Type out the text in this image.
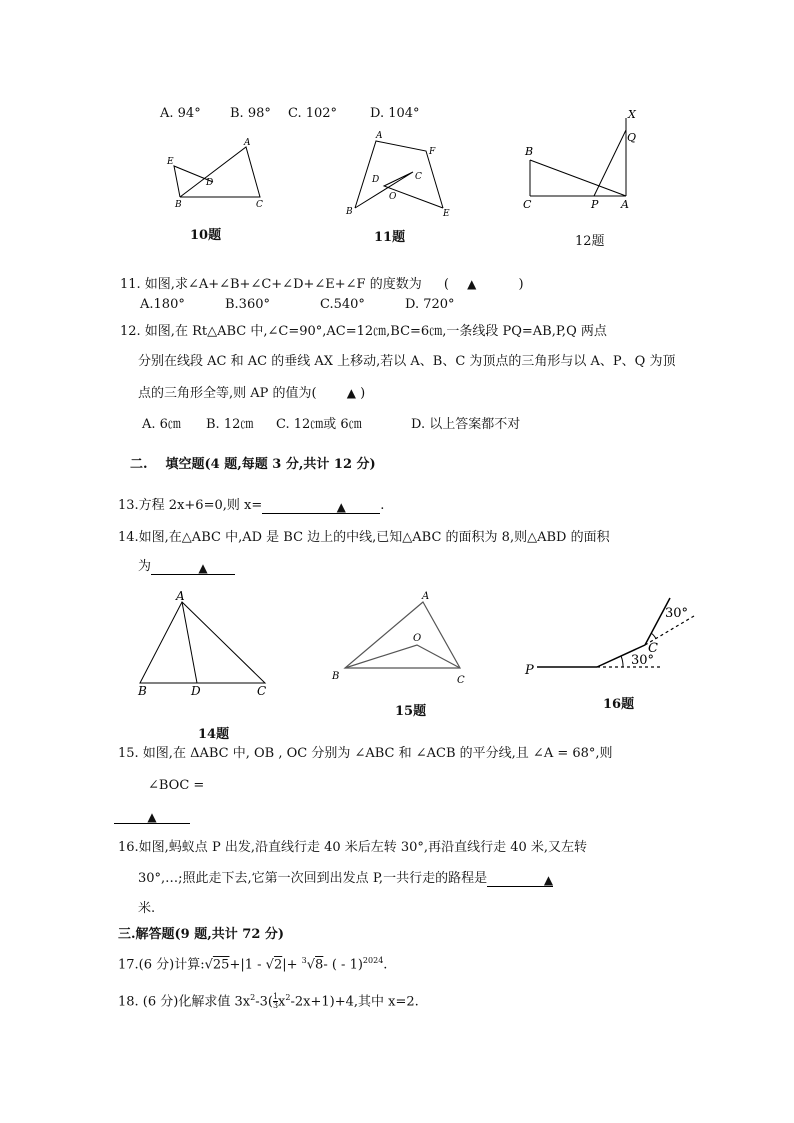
A. 94° B. 98° C. 102°	D. 104°
A
E
D
B	C
10题
A
F
D	C
O
B	E
11题
X
Q
B
C	P A
12题
11. 如图,求∠A+∠B+∠C+∠D+∠E+∠F 的度数为 ( ▲	)
A.180°	B.360°	C.540°	D. 720°
12. 如图,在 Rt△ABC 中,∠C=90°,AC=12㎝,BC=6㎝,一条线段 PQ=AB,P,Q 两点
分别在线段 AC 和 AC 的垂线 AX 上移动,若以 A、B、C 为顶点的三角形与以 A、P、Q 为顶
点的三角形全等,则 AP 的值为(	▲ )
A. 6㎝ B. 12㎝ C. 12㎝或 6㎝	D. 以上答案都不对
二. 填空题(4 题,每题 3 分,共计 12 分)
13.方程 2x+6=0,则 x=	▲	.
14.如图,在△ABC 中,AD 是 BC 边上的中线,已知△ABC 的面积为 8,则△ABD 的面积
为	▲
A
B	D	C
14题
A
O
B	C
15题
P
C
30°
30°
16题
15. 如图,在 ΔABC 中, OB , OC 分别为 ∠ABC 和 ∠ACB 的平分线,且 ∠A = 68°,则
∠BOC =
▲
16.如图,蚂蚁点 P 出发,沿直线行走 40 米后左转 30°,再沿直线行走 40 米,又左转
30°,…;照此走下去,它第一次回到出发点 P,一共行走的路程是	▲
米.
三.解答题(9 题,共计 72 分)
17.(6 分)计算:√25+|1 - √2|+ $^3$√8- ( - 1)$^{2024}$.
18. (6 分)化解求值 $3x^2-3( \frac{1}{3} x^2-2x+1)+4$,其中 x=2.
